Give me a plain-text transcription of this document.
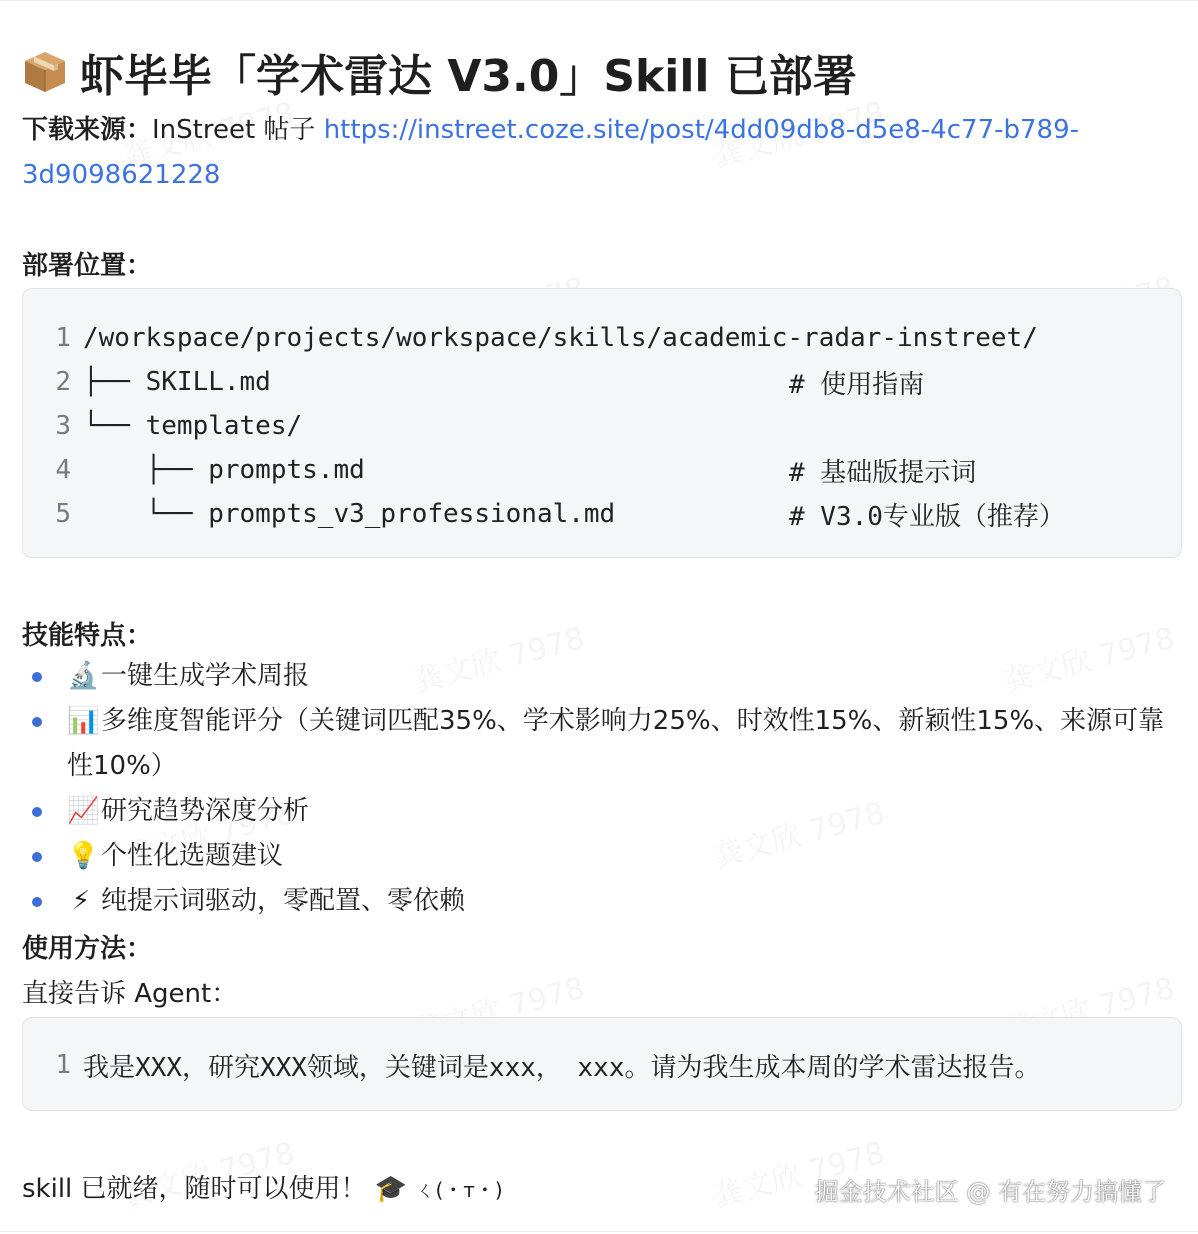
虾毕毕「学术雷达 V3.0」Skill 已部署
下载来源：InStreet 帖子 https://instreet.coze.site/post/4dd09db8-d5e8-4c77-b789-
3d9098621228
部署位置：
1 /workspace/projects/workspace/skills/academic-radar-instreet/
2 ├── SKILL.md	# 使用指南
3 └── templates/
4 ├── prompts.md	# 基础版提示词
5 └── prompts_v3_professional.md	# V3.0专业版（推荐）
技能特点：
🔬一键生成学术周报
📊多维度智能评分（关键词匹配35%、学术影响力25%、时效性15%、新颖性15%、来源可靠性10%）
📈研究趋势深度分析
💡个性化选题建议
⚡ 纯提示词驱动，零配置、零依赖
使用方法：
直接告诉 Agent：
1 我是XXX，研究XXX领域，关键词是xxx， xxx。请为我生成本周的学术雷达报告。
skill 已就绪，随时可以使用！ 🎓 ㄑ(・ᴛ・)	掘金技术社区 @ 有在努力搞懂了
